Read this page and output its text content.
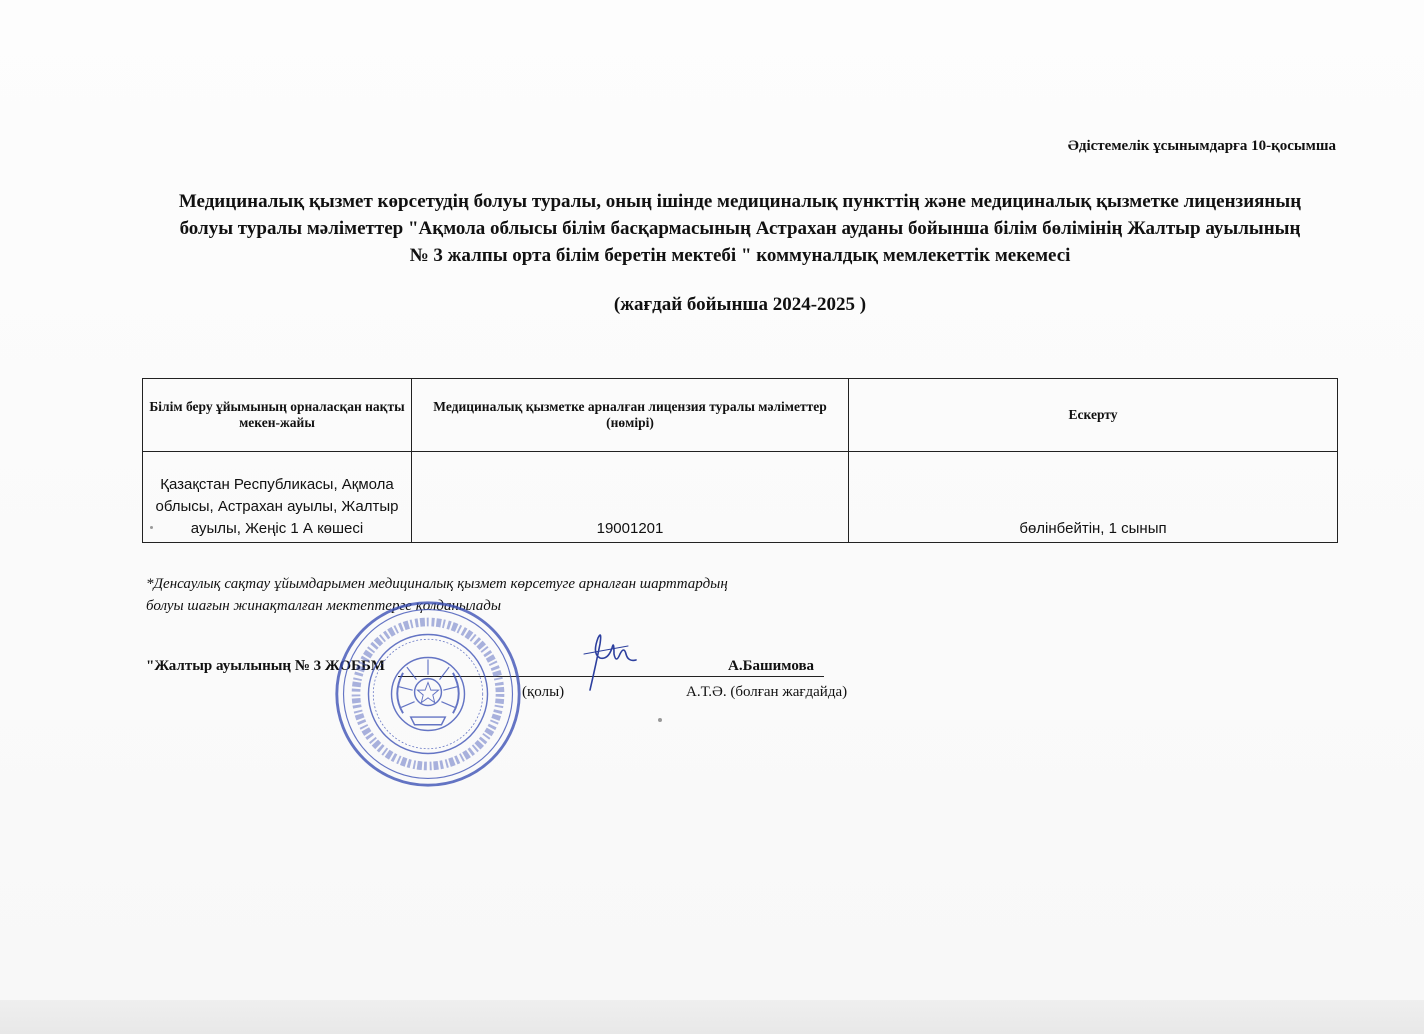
Әдістемелік ұсынымдарға 10-қосымша
Медициналық қызмет көрсетудің болуы туралы, оның ішінде медициналық пункттің және медициналық қызметке лицензияның
болуы туралы мәліметтер "Ақмола облысы білім басқармасының Астрахан ауданы бойынша білім бөлімінің Жалтыр ауылының
№ 3 жалпы орта білім беретін мектебі " коммуналдық мемлекеттік мекемесі
(жағдай бойынша 2024-2025 )
Білім беру ұйымының орналасқан нақты мекен-жайы	Медициналық қызметке арналған лицензия туралы мәліметтер (нөмірі)	Ескерту
Қазақстан Республикасы, Ақмола облысы, Астрахан ауылы, Жалтыр ауылы, Жеңіс 1 А көшесі	19001201	бөлінбейтін, 1 сынып
*Денсаулық сақтау ұйымдарымен медициналық қызмет көрсетуге арналған шарттардың
болуы шағын жинақталған мектептерге қолданылады
"Жалтыр ауылының № 3 ЖОББМ	А.Башимова
(қолы)	А.Т.Ә. (болған жағдайда)
